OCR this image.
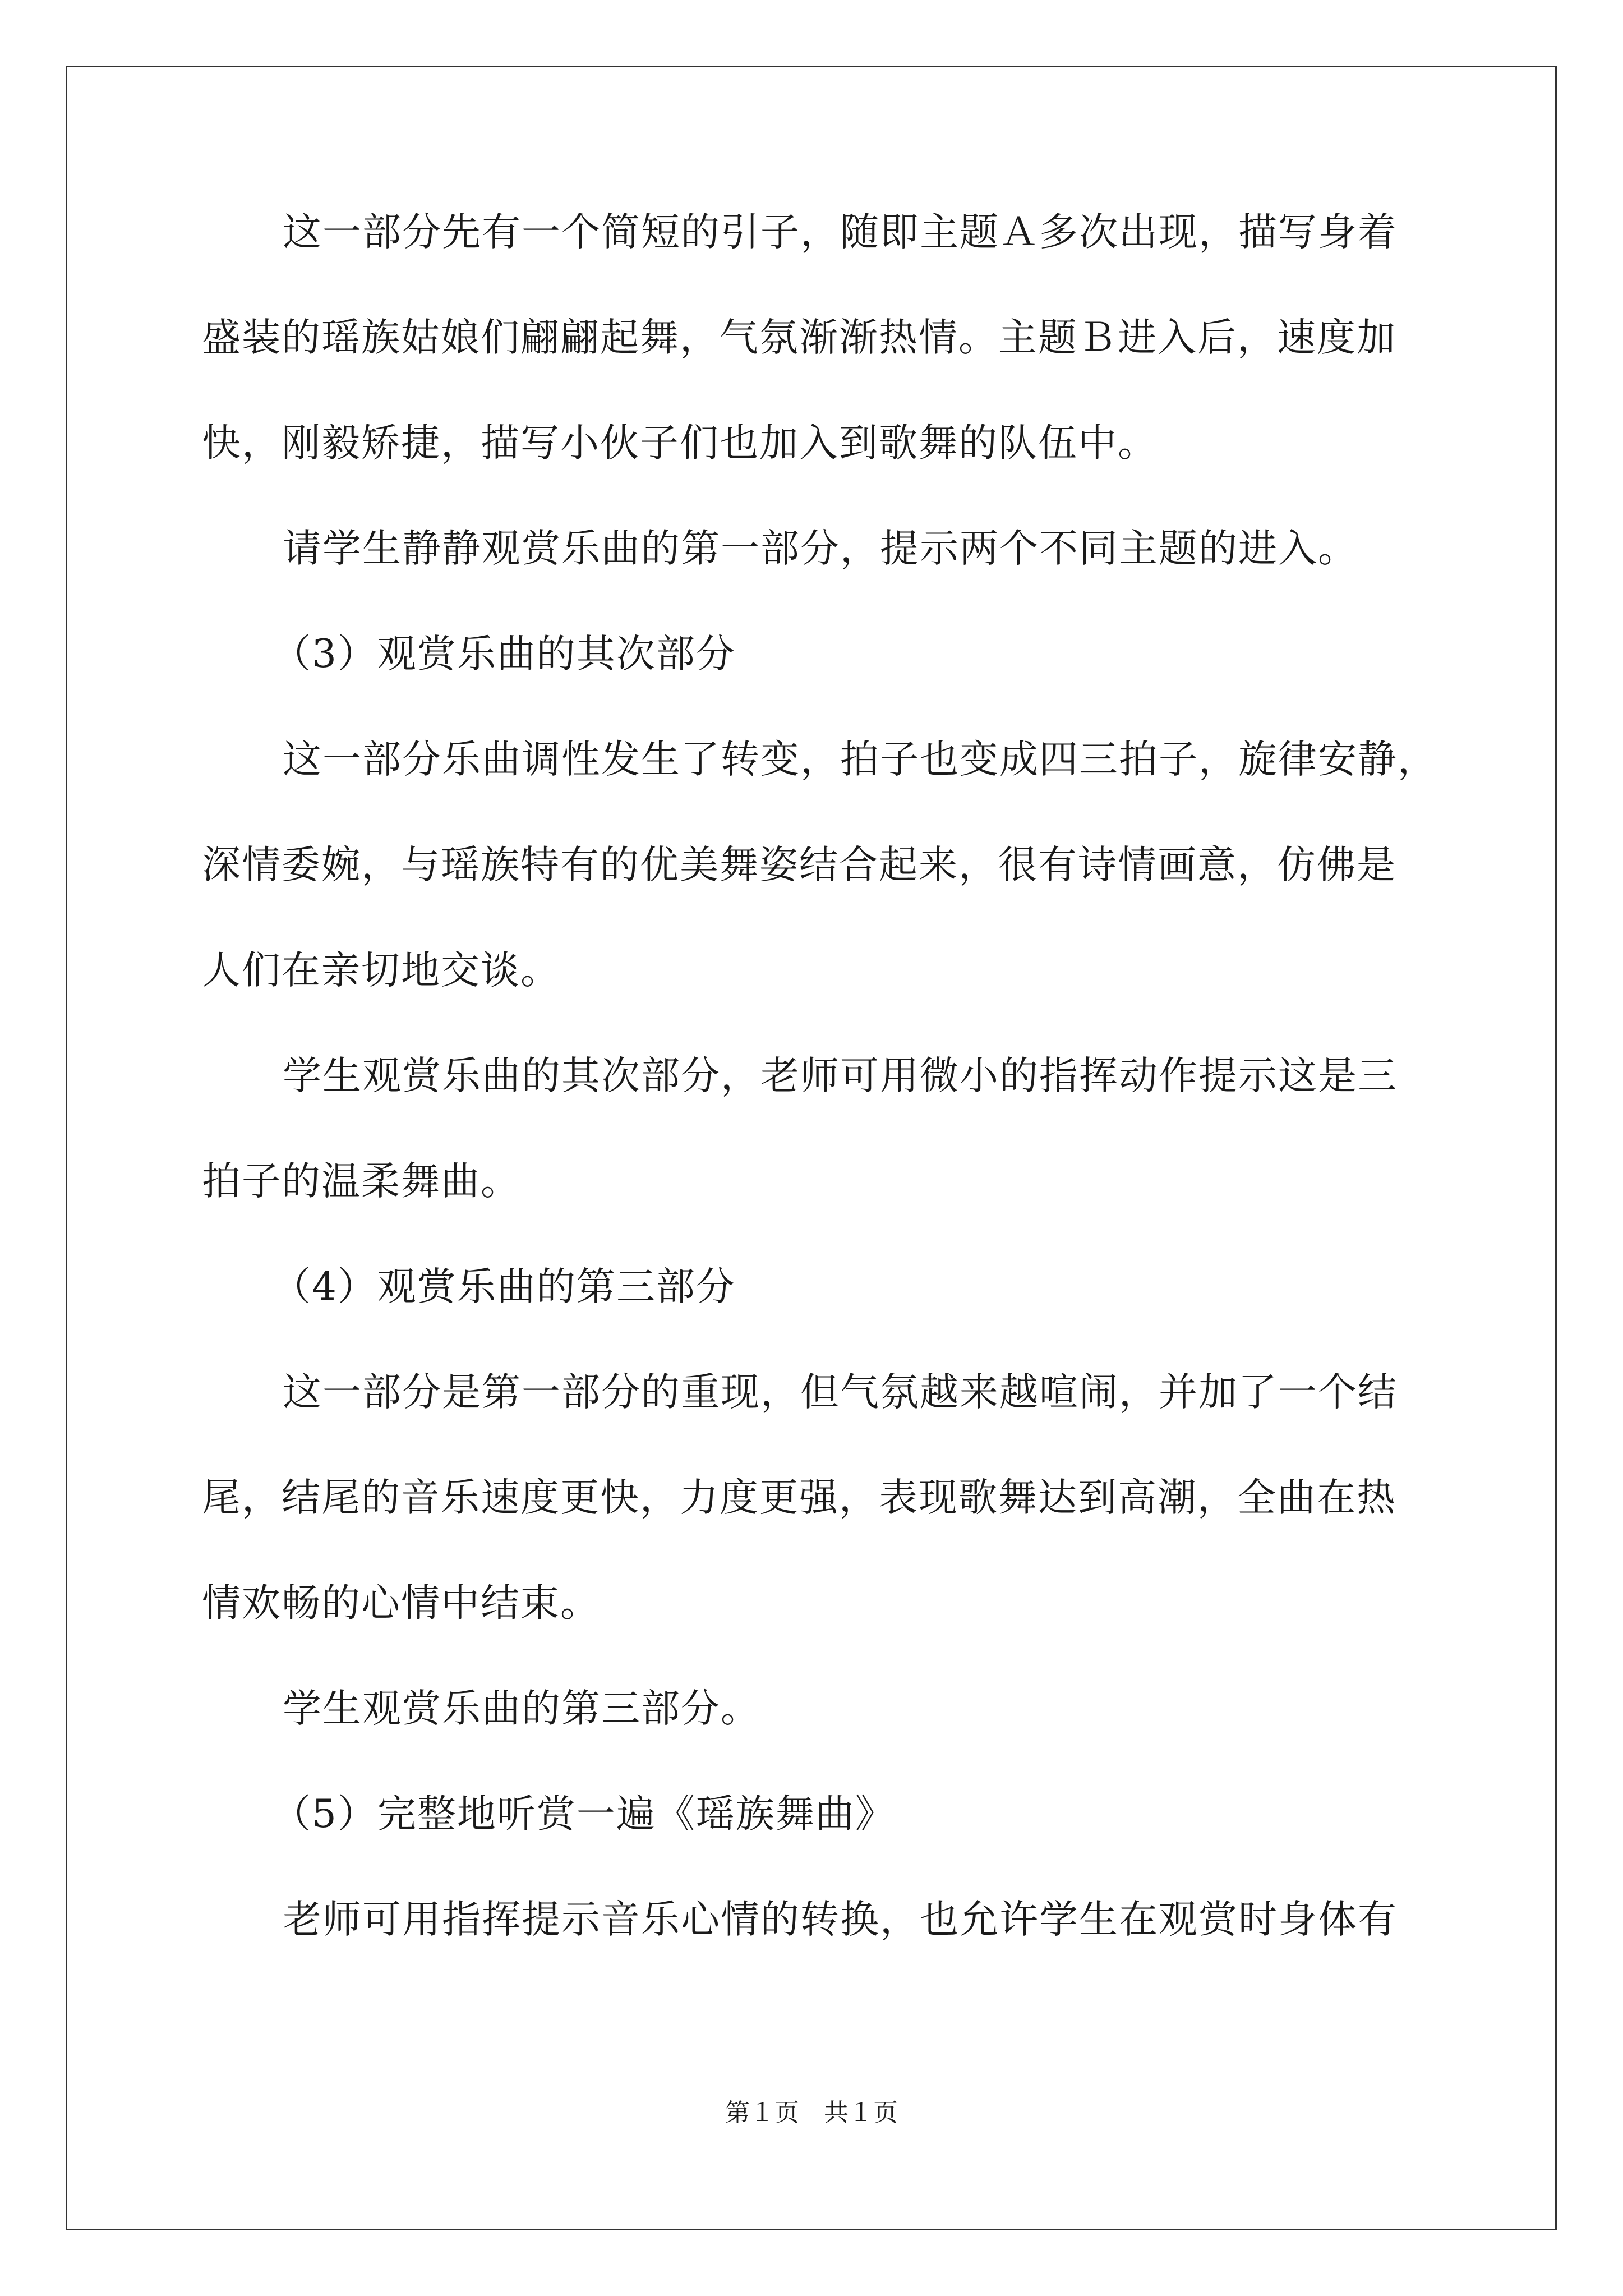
这一部分先有一个简短的引子，随即主题Ａ多次出现，描写身着
盛装的瑶族姑娘们翩翩起舞，气氛渐渐热情。主题Ｂ进入后，速度加
快，刚毅矫捷，描写小伙子们也加入到歌舞的队伍中。
请学生静静观赏乐曲的第一部分，提示两个不同主题的进入。
（3）观赏乐曲的其次部分
这一部分乐曲调性发生了转变，拍子也变成四三拍子，旋律安静，
深情委婉，与瑶族特有的优美舞姿结合起来，很有诗情画意，仿佛是
人们在亲切地交谈。
学生观赏乐曲的其次部分，老师可用微小的指挥动作提示这是三
拍子的温柔舞曲。
（4）观赏乐曲的第三部分
这一部分是第一部分的重现，但气氛越来越喧闹，并加了一个结
尾，结尾的音乐速度更快，力度更强，表现歌舞达到高潮，全曲在热
情欢畅的心情中结束。
学生观赏乐曲的第三部分。
（5）完整地听赏一遍《瑶族舞曲》
老师可用指挥提示音乐心情的转换，也允许学生在观赏时身体有
第１页 共１页
